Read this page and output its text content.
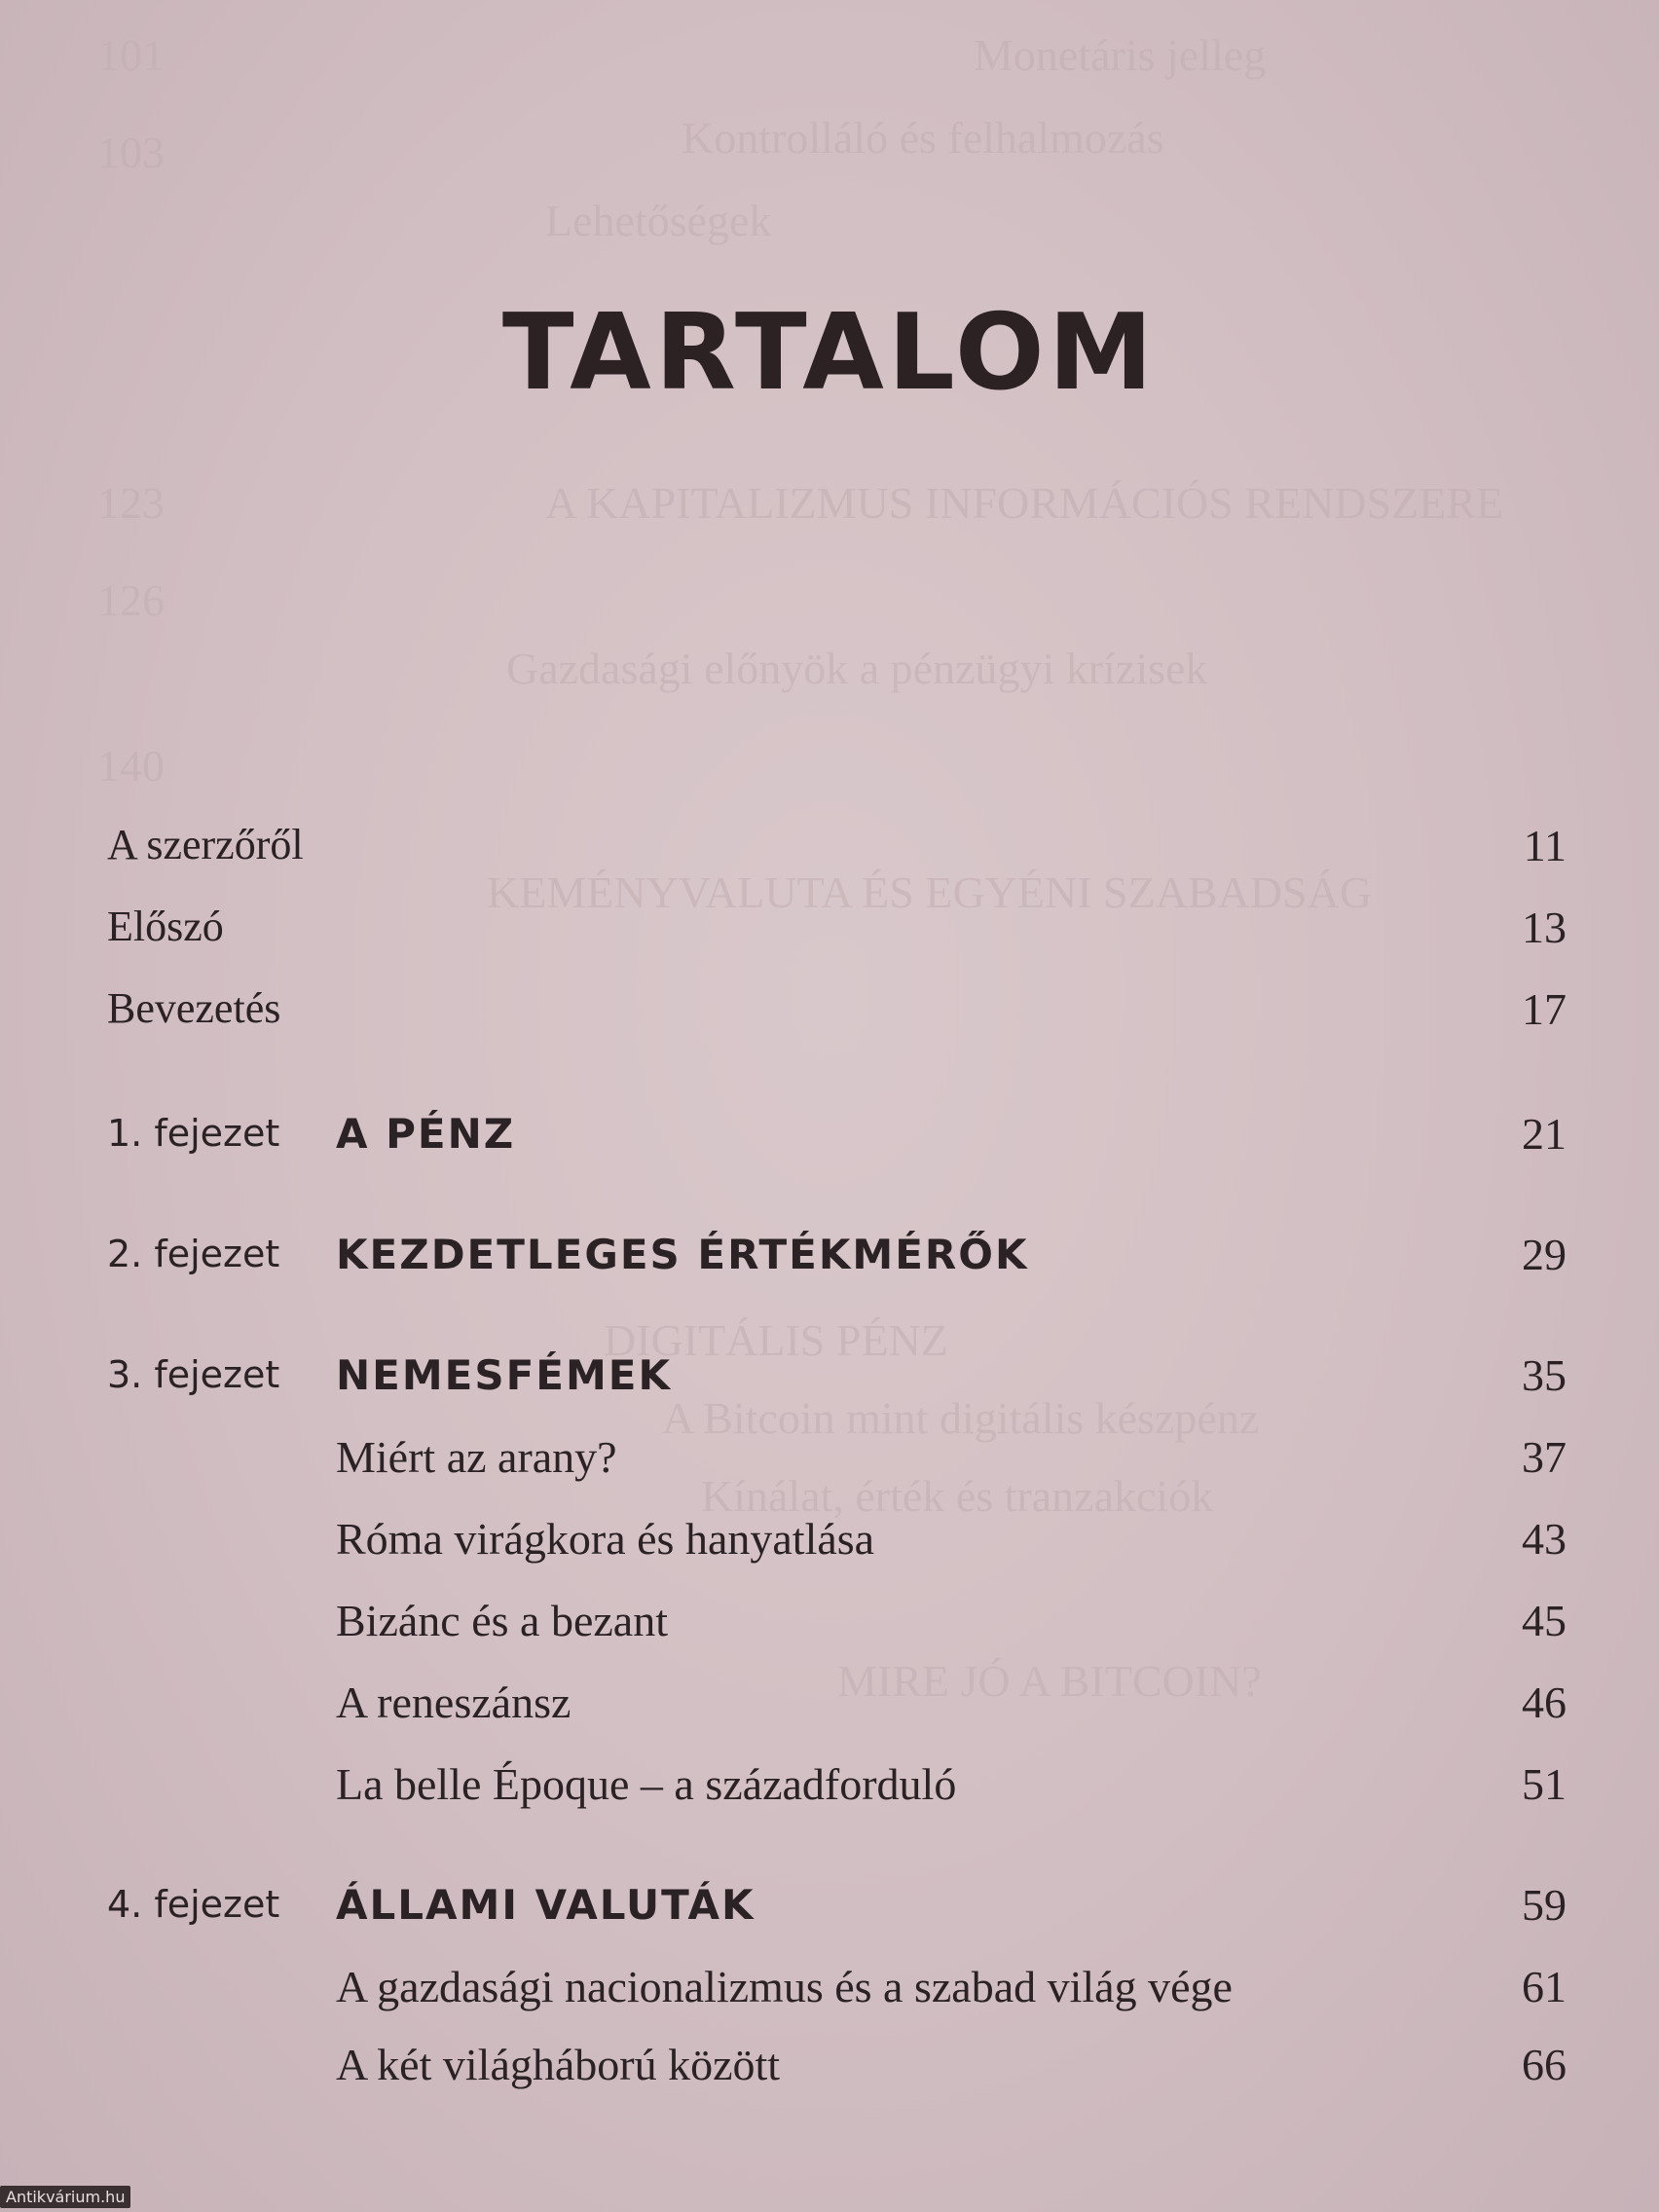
Monetáris jelleg
Kontrolláló és felhalmozás
Lehetőségek
A KAPITALIZMUS INFORMÁCIÓS RENDSZERE
Gazdasági előnyök a pénzügyi krízisek
KEMÉNYVALUTA ÉS EGYÉNI SZABADSÁG
DIGITÁLIS PÉNZ
A Bitcoin mint digitális készpénz
Kínálat, érték és tranzakciók
MIRE JÓ A BITCOIN?
101
103
123
126
140
TARTALOM
A szerzőről	11
Előszó	13
Bevezetés	17
1. fejezet A PÉNZ	21
2. fejezet KEZDETLEGES ÉRTÉKMÉRŐK	29
3. fejezet NEMESFÉMEK	35
Miért az arany?	37
Róma virágkora és hanyatlása	43
Bizánc és a bezant	45
A reneszánsz	46
La belle Époque – a századforduló	51
4. fejezet ÁLLAMI VALUTÁK	59
A gazdasági nacionalizmus és a szabad világ vége	61
A két világháború között	66
Antikvárium.hu
